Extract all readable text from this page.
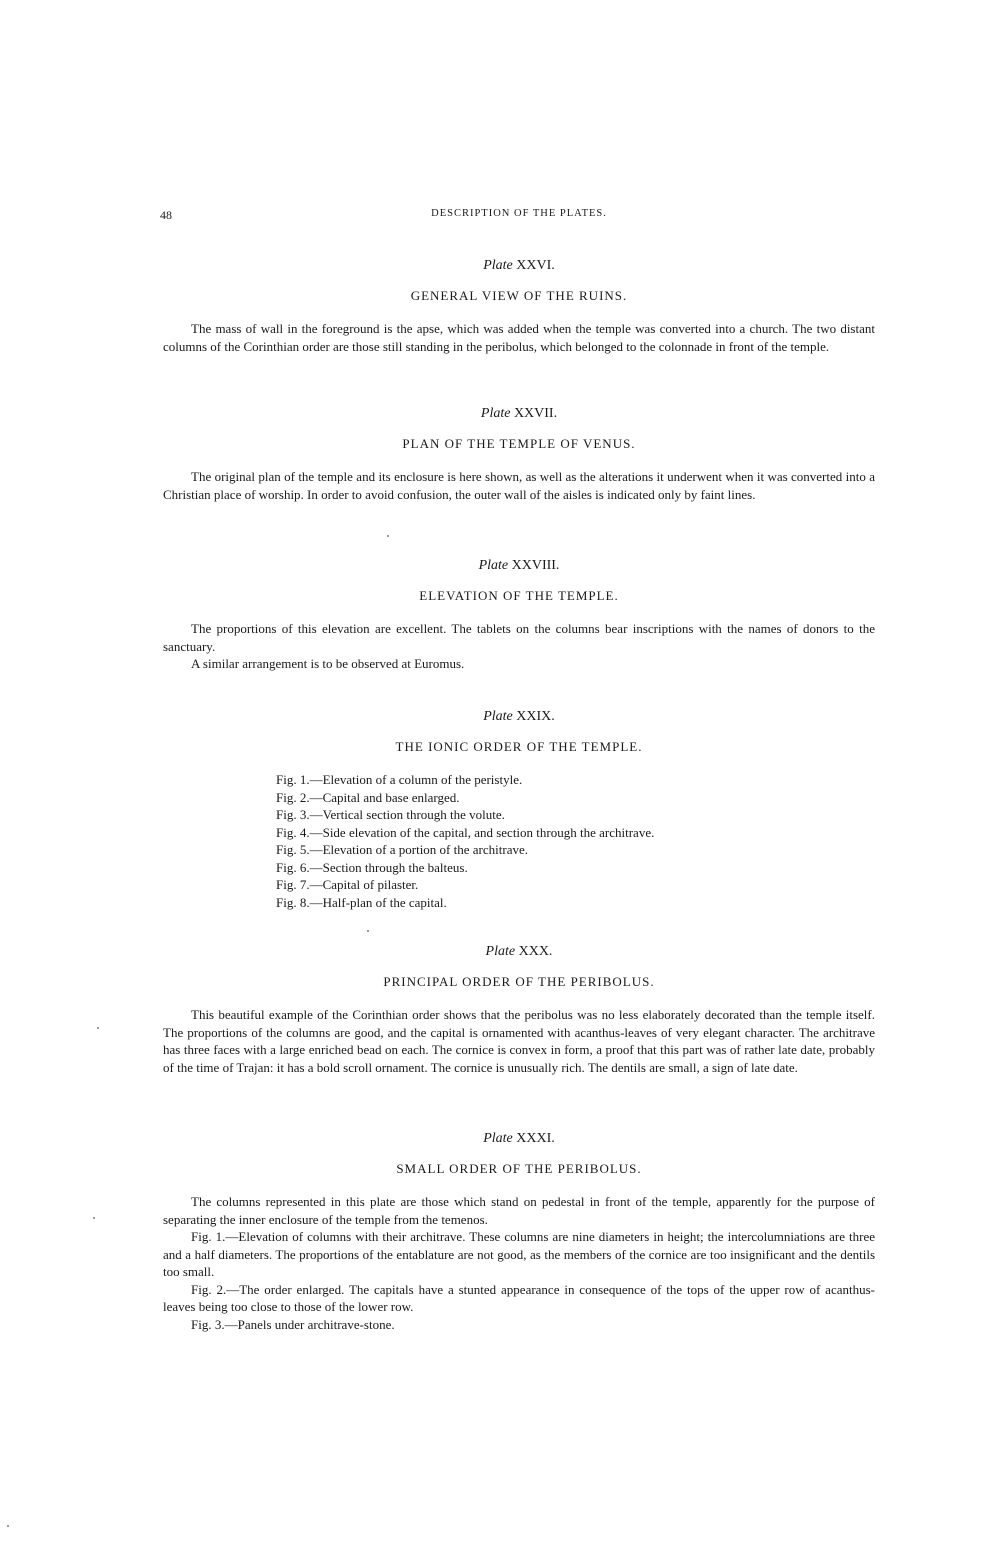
48	DESCRIPTION OF THE PLATES.

Plate XXVI.

GENERAL VIEW OF THE RUINS.

The mass of wall in the foreground is the apse, which was added when the temple was converted into a church. The two distant columns of the Corinthian order are those still standing in the peribolus, which belonged to the colonnade in front of the temple.

Plate XXVII.

PLAN OF THE TEMPLE OF VENUS.

The original plan of the temple and its enclosure is here shown, as well as the alterations it underwent when it was converted into a Christian place of worship. In order to avoid confusion, the outer wall of the aisles is indicated only by faint lines.

Plate XXVIII.

ELEVATION OF THE TEMPLE.

The proportions of this elevation are excellent. The tablets on the columns bear inscriptions with the names of donors to the sanctuary.

A similar arrangement is to be observed at Euromus.

Plate XXIX.

THE IONIC ORDER OF THE TEMPLE.
Fig. 1.—Elevation of a column of the peristyle.
Fig. 2.—Capital and base enlarged.
Fig. 3.—Vertical section through the volute.
Fig. 4.—Side elevation of the capital, and section through the architrave.
Fig. 5.—Elevation of a portion of the architrave.
Fig. 6.—Section through the balteus.
Fig. 7.—Capital of pilaster.
Fig. 8.—Half-plan of the capital.

Plate XXX.

PRINCIPAL ORDER OF THE PERIBOLUS.

This beautiful example of the Corinthian order shows that the peribolus was no less elaborately decorated than the temple itself. The proportions of the columns are good, and the capital is ornamented with acanthus-leaves of very elegant character. The architrave has three faces with a large enriched bead on each. The cornice is convex in form, a proof that this part was of rather late date, probably of the time of Trajan: it has a bold scroll ornament. The cornice is unusually rich. The dentils are small, a sign of late date.

Plate XXXI.

SMALL ORDER OF THE PERIBOLUS.

The columns represented in this plate are those which stand on pedestal in front of the temple, apparently for the purpose of separating the inner enclosure of the temple from the temenos.

Fig. 1.—Elevation of columns with their architrave. These columns are nine diameters in height; the intercolumniations are three and a half diameters. The proportions of the entablature are not good, as the members of the cornice are too insignificant and the dentils too small.

Fig. 2.—The order enlarged. The capitals have a stunted appearance in consequence of the tops of the upper row of acanthus-leaves being too close to those of the lower row.

Fig. 3.—Panels under architrave-stone.
